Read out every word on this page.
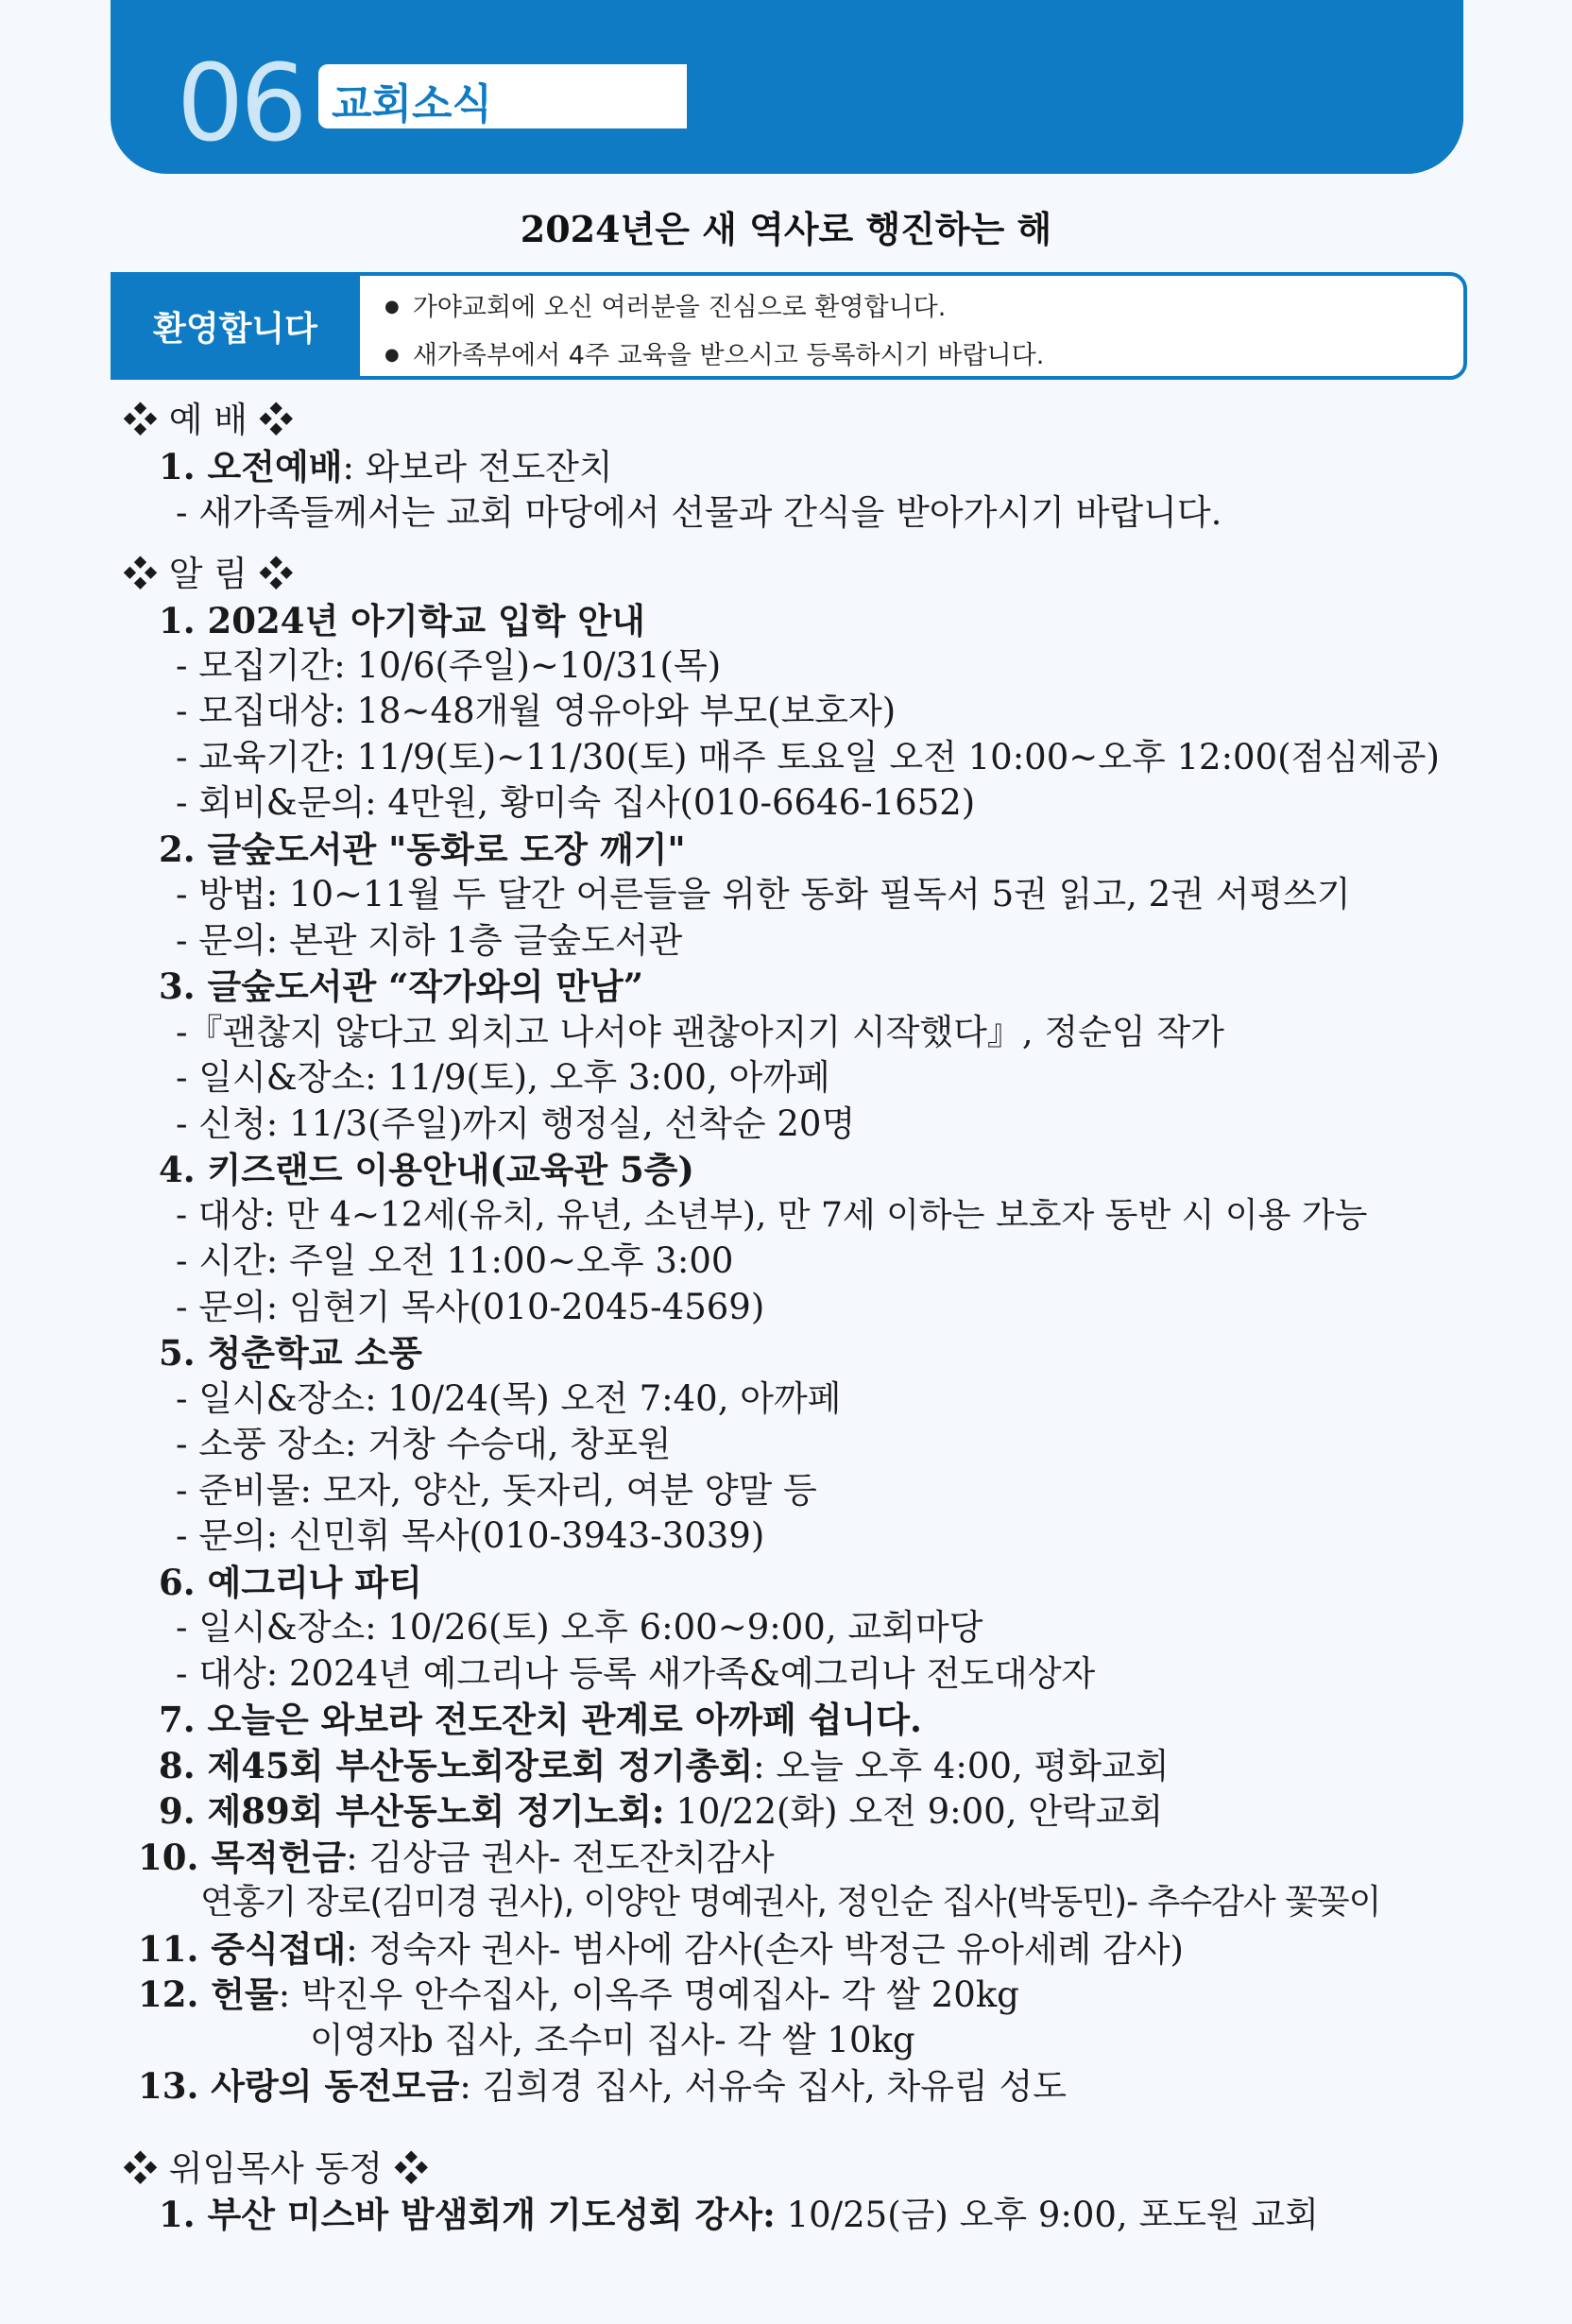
06 교회소식
2024년은 새 역사로 행진하는 해
환영합니다
● 가야교회에 오신 여러분을 진심으로 환영합니다.
● 새가족부에서 4주 교육을 받으시고 등록하시기 바랍니다.
❖ 예 배 ❖
1. 오전예배: 와보라 전도잔치
- 새가족들께서는 교회 마당에서 선물과 간식을 받아가시기 바랍니다.
❖ 알 림 ❖
1. 2024년 아기학교 입학 안내
- 모집기간: 10/6(주일)~10/31(목)
- 모집대상: 18~48개월 영유아와 부모(보호자)
- 교육기간: 11/9(토)~11/30(토) 매주 토요일 오전 10:00~오후 12:00(점심제공)
- 회비&문의: 4만원, 황미숙 집사(010-6646-1652)
2. 글숲도서관 "동화로 도장 깨기"
- 방법: 10~11월 두 달간 어른들을 위한 동화 필독서 5권 읽고, 2권 서평쓰기
- 문의: 본관 지하 1층 글숲도서관
3. 글숲도서관 “작가와의 만남”
-『괜찮지 않다고 외치고 나서야 괜찮아지기 시작했다』, 정순임 작가
- 일시&장소: 11/9(토), 오후 3:00, 아까페
- 신청: 11/3(주일)까지 행정실, 선착순 20명
4. 키즈랜드 이용안내(교육관 5층)
- 대상: 만 4~12세(유치, 유년, 소년부), 만 7세 이하는 보호자 동반 시 이용 가능
- 시간: 주일 오전 11:00~오후 3:00
- 문의: 임현기 목사(010-2045-4569)
5. 청춘학교 소풍
- 일시&장소: 10/24(목) 오전 7:40, 아까페
- 소풍 장소: 거창 수승대, 창포원
- 준비물: 모자, 양산, 돗자리, 여분 양말 등
- 문의: 신민휘 목사(010-3943-3039)
6. 예그리나 파티
- 일시&장소: 10/26(토) 오후 6:00~9:00, 교회마당
- 대상: 2024년 예그리나 등록 새가족&예그리나 전도대상자
7. 오늘은 와보라 전도잔치 관계로 아까페 쉽니다.
8. 제45회 부산동노회장로회 정기총회: 오늘 오후 4:00, 평화교회
9. 제89회 부산동노회 정기노회: 10/22(화) 오전 9:00, 안락교회
10. 목적헌금: 김상금 권사- 전도잔치감사
연홍기 장로(김미경 권사), 이양안 명예권사, 정인순 집사(박동민)- 추수감사 꽃꽂이
11. 중식접대: 정숙자 권사- 범사에 감사(손자 박정근 유아세례 감사)
12. 헌물: 박진우 안수집사, 이옥주 명예집사- 각 쌀 20kg
이영자b 집사, 조수미 집사- 각 쌀 10kg
13. 사랑의 동전모금: 김희경 집사, 서유숙 집사, 차유림 성도
❖ 위임목사 동정 ❖
1. 부산 미스바 밤샘회개 기도성회 강사: 10/25(금) 오후 9:00, 포도원 교회
